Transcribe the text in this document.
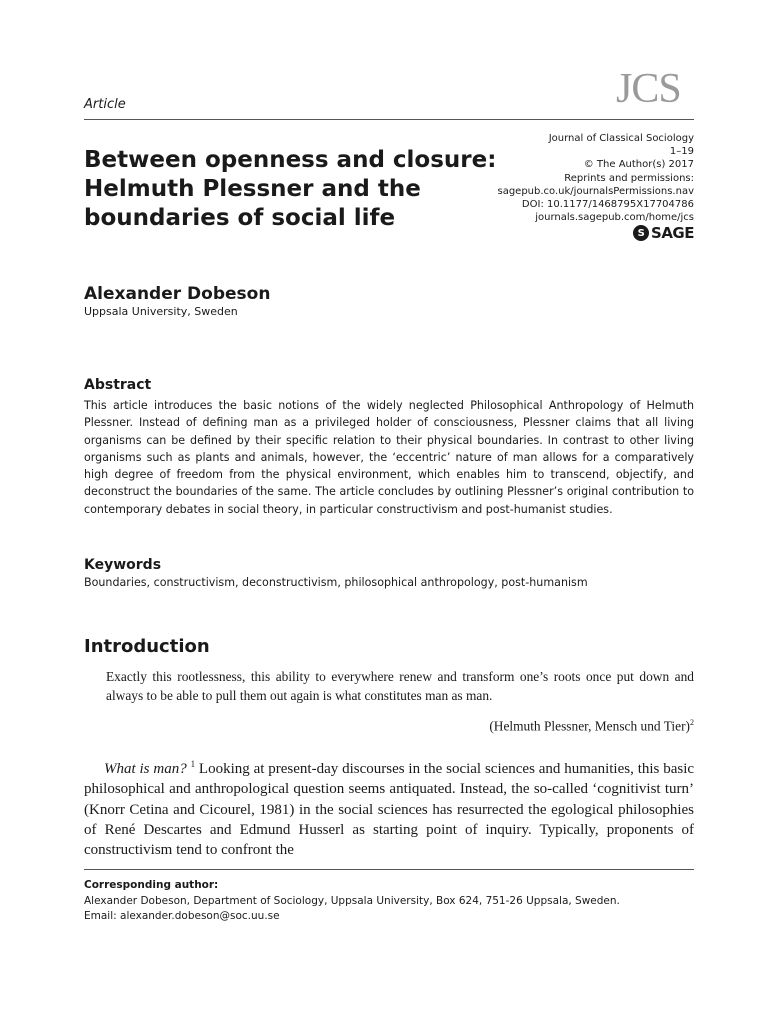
Article	JCS
Between openness and closure:
Helmuth Plessner and the
boundaries of social life
Journal of Classical Sociology
1–19
© The Author(s) 2017
Reprints and permissions:
sagepub.co.uk/journalsPermissions.nav
DOI: 10.1177/1468795X17704786
journals.sagepub.com/home/jcs
S SAGE
Alexander Dobeson
Uppsala University, Sweden
Abstract
This article introduces the basic notions of the widely neglected Philosophical Anthropology of Helmuth Plessner. Instead of defining man as a privileged holder of consciousness, Plessner claims that all living organisms can be defined by their specific relation to their physical boundaries. In contrast to other living organisms such as plants and animals, however, the ‘eccentric’ nature of man allows for a comparatively high degree of freedom from the physical environment, which enables him to transcend, objectify, and deconstruct the boundaries of the same. The article concludes by outlining Plessner’s original contribution to contemporary debates in social theory, in particular constructivism and post-humanist studies.
Keywords
Boundaries, constructivism, deconstructivism, philosophical anthropology, post-humanism
Introduction
Exactly this rootlessness, this ability to everywhere renew and transform one’s roots once put down and always to be able to pull them out again is what constitutes man as man.
(Helmuth Plessner, Mensch und Tier)$^2$
What is man? $^1$ Looking at present-day discourses in the social sciences and humanities, this basic philosophical and anthropological question seems antiquated. Instead, the so-called ‘cognitivist turn’ (Knorr Cetina and Cicourel, 1981) in the social sciences has resurrected the egological philosophies of René Descartes and Edmund Husserl as starting point of inquiry. Typically, proponents of constructivism tend to confront the
Corresponding author:
Alexander Dobeson, Department of Sociology, Uppsala University, Box 624, 751-26 Uppsala, Sweden.
Email: alexander.dobeson@soc.uu.se
